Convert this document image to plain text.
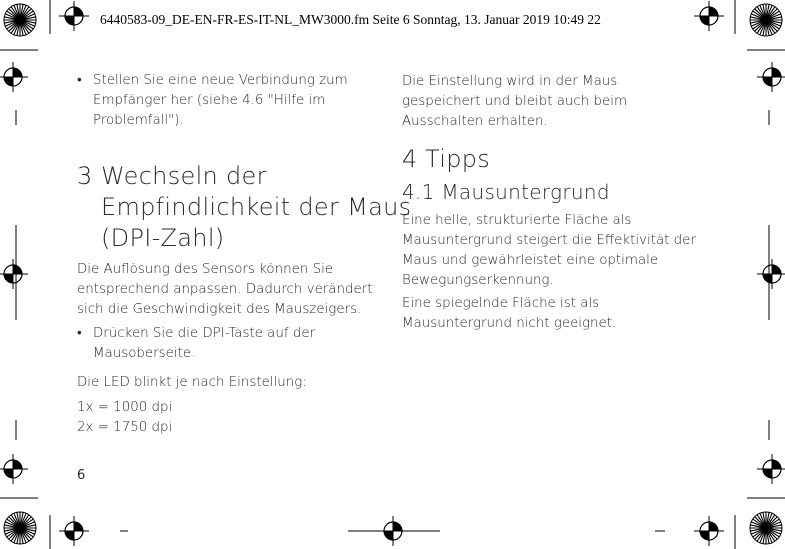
6440583-09_DE-EN-FR-ES-IT-NL_MW3000.fm Seite 6 Sonntag, 13. Januar 2019 10:49 22
• Stellen Sie eine neue Verbindung zum Empfänger her (siehe 4.6 "Hilfe im Problemfall").
3 Wechseln der
Empfindlichkeit der Maus
(DPI-Zahl)
Die Auflösung des Sensors können Sie entsprechend anpassen. Dadurch verändert sich die Geschwindigkeit des Mauszeigers.
• Drücken Sie die DPI-Taste auf der Mausoberseite.
Die LED blinkt je nach Einstellung:
1x = 1000 dpi
2x = 1750 dpi
6
Die Einstellung wird in der Maus gespeichert und bleibt auch beim Ausschalten erhalten.
4 Tipps
4.1 Mausuntergrund
Eine helle, strukturierte Fläche als Mausuntergrund steigert die Effektivität der Maus und gewährleistet eine optimale Bewegungserkennung.
Eine spiegelnde Fläche ist als Mausuntergrund nicht geeignet.
